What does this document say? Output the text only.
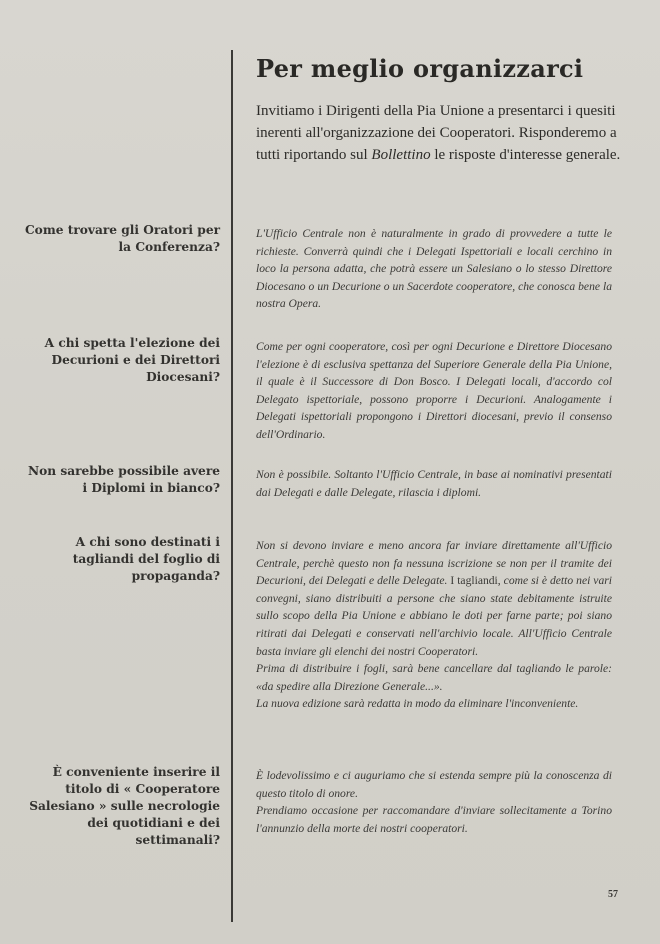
Per meglio organizzarci
Invitiamo i Dirigenti della Pia Unione a presentarci i quesiti inerenti all'organizzazione dei Cooperatori. Risponderemo a tutti riportando sul Bollettino le risposte d'interesse generale.
Come trovare gli Oratori per la Conferenza?

L'Ufficio Centrale non è naturalmente in grado di provvedere a tutte le richieste. Converrà quindi che i Delegati Ispettoriali e locali cerchino in loco la persona adatta, che potrà essere un Salesiano o lo stesso Direttore Diocesano o un Decurione o un Sacerdote cooperatore, che conosca bene la nostra Opera.

A chi spetta l'elezione dei Decurioni e dei Direttori Diocesani?

Come per ogni cooperatore, così per ogni Decurione e Direttore Diocesano l'elezione è di esclusiva spettanza del Superiore Generale della Pia Unione, il quale è il Successore di Don Bosco. I Delegati locali, d'accordo col Delegato ispettoriale, possono proporre i Decurioni. Analogamente i Delegati ispettoriali propongono i Direttori diocesani, previo il consenso dell'Ordinario.

Non sarebbe possibile avere i Diplomi in bianco?

Non è possibile. Soltanto l'Ufficio Centrale, in base ai nominativi presentati dai Delegati e dalle Delegate, rilascia i diplomi.

A chi sono destinati i tagliandi del foglio di propaganda?

Non si devono inviare e meno ancora far inviare direttamente all'Ufficio Centrale, perchè questo non fa nessuna iscrizione se non per il tramite dei Decurioni, dei Delegati e delle Delegate. I tagliandi, come si è detto nei vari convegni, siano distribuiti a persone che siano state debitamente istruite sullo scopo della Pia Unione e abbiano le doti per farne parte; poi siano ritirati dai Delegati e conservati nell'archivio locale. All'Ufficio Centrale basta inviare gli elenchi dei nostri Cooperatori.

Prima di distribuire i fogli, sarà bene cancellare dal tagliando le parole: «da spedire alla Direzione Generale...».

La nuova edizione sarà redatta in modo da eliminare l'inconveniente.

È conveniente inserire il titolo di « Cooperatore Salesiano » sulle necrologie dei quotidiani e dei settimanali?

È lodevolissimo e ci auguriamo che si estenda sempre più la conoscenza di questo titolo di onore.

Prendiamo occasione per raccomandare d'inviare sollecitamente a Torino l'annunzio della morte dei nostri cooperatori.

57
